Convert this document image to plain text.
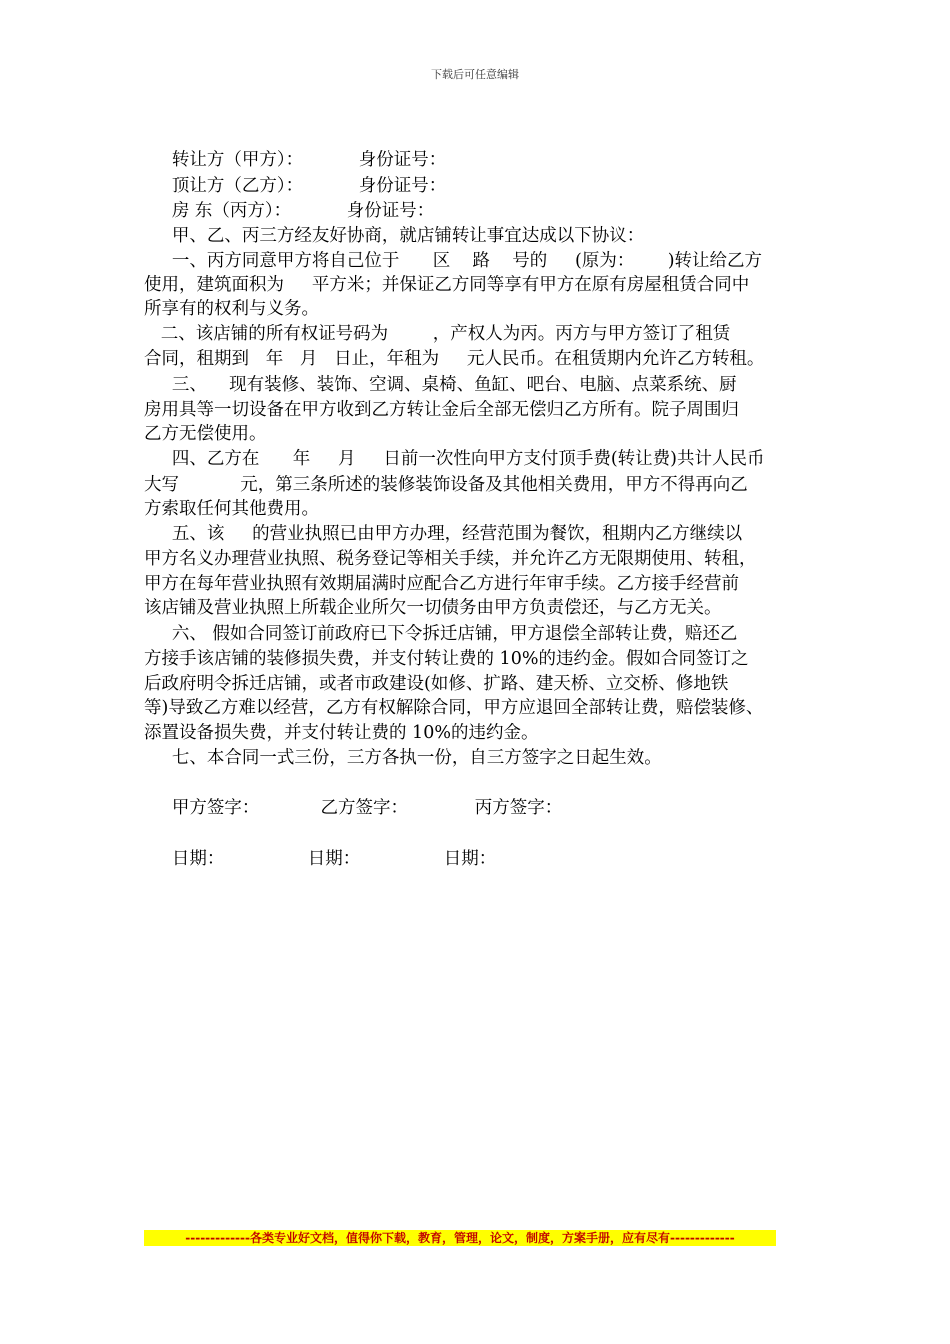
下载后可任意编辑
转让方（甲方）：          身份证号：
顶让方（乙方）：          身份证号：
房 东（丙方）：          身份证号：
甲、乙、丙三方经友好协商，就店铺转让事宜达成以下协议：
一、丙方同意甲方将自己位于      区    路    号的     (原为：      )转让给乙方
使用，建筑面积为     平方米；并保证乙方同等享有甲方在原有房屋租赁合同中
所享有的权利与义务。
二、该店铺的所有权证号码为        ，产权人为丙。丙方与甲方签订了租赁
合同，租期到   年   月   日止，年租为     元人民币。在租赁期内允许乙方转租。
三、    现有装修、装饰、空调、桌椅、鱼缸、吧台、电脑、点菜系统、厨
房用具等一切设备在甲方收到乙方转让金后全部无偿归乙方所有。院子周围归
乙方无偿使用。
四、乙方在      年     月     日前一次性向甲方支付顶手费(转让费)共计人民币
大写           元，第三条所述的装修装饰设备及其他相关费用，甲方不得再向乙
方索取任何其他费用。
五、该     的营业执照已由甲方办理，经营范围为餐饮，租期内乙方继续以
甲方名义办理营业执照、税务登记等相关手续，并允许乙方无限期使用、转租，
甲方在每年营业执照有效期届满时应配合乙方进行年审手续。乙方接手经营前
该店铺及营业执照上所载企业所欠一切债务由甲方负责偿还，与乙方无关。
六、 假如合同签订前政府已下令拆迁店铺，甲方退偿全部转让费，赔还乙
方接手该店铺的装修损失费，并支付转让费的 10%的违约金。假如合同签订之
后政府明令拆迁店铺，或者市政建设(如修、扩路、建天桥、立交桥、修地铁
等)导致乙方难以经营，乙方有权解除合同，甲方应退回全部转让费，赔偿装修、
添置设备损失费，并支付转让费的 10%的违约金。
七、本合同一式三份，三方各执一份，自三方签字之日起生效。
甲方签字：           乙方签字：            丙方签字：
日期：               日期：               日期：
-------------各类专业好文档，值得你下载，教育，管理，论文，制度，方案手册，应有尽有-------------
